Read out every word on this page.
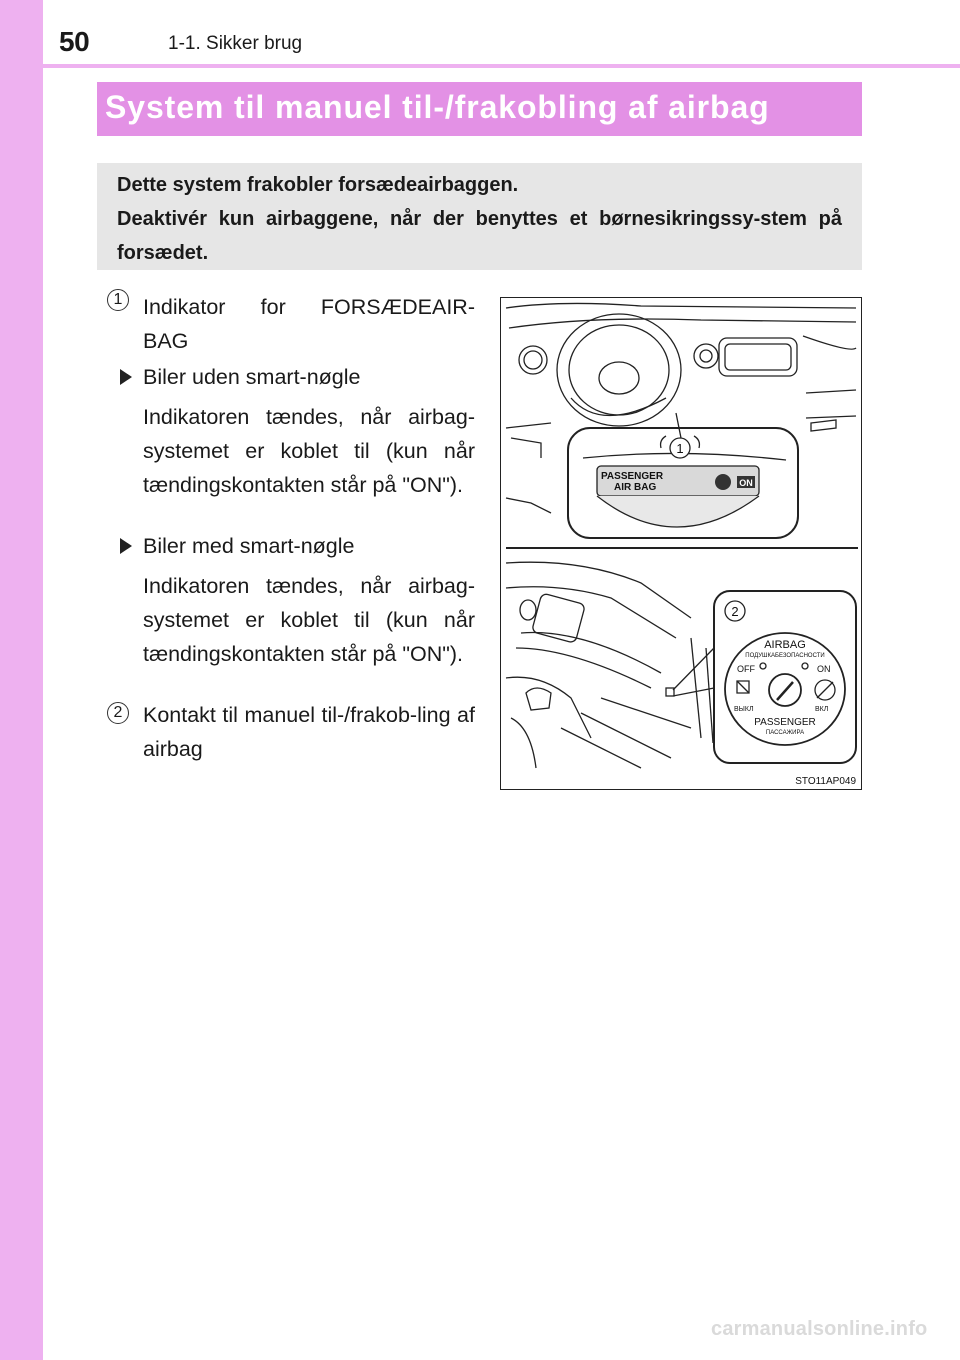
50	1-1. Sikker brug
System til manuel til-/frakobling af airbag

Dette system frakobler forsædeairbaggen.

Deaktivér kun airbaggene, når der benyttes et børnesikringssy-stem på forsædet.

1 Indikator for FORSÆDEAIR-
BAG
Biler uden smart-nøgle
Indikatoren tændes, når airbag-systemet er koblet til (kun når tændingskontakten står på "ON").
Biler med smart-nøgle
Indikatoren tændes, når airbag-systemet er koblet til (kun når tændingskontakten står på "ON").
2 Kontakt til manuel til-/frakob-ling af airbag
1
PASSENGER
AIR BAG	ON
2
AIRBAG
ПОДУШКАБЕЗОПАСНОСТИ
OFF	ON
ВЫКЛ	ВКЛ
PASSENGER
ПАССАЖИРА
STO11AP049
carmanualsonline.info
